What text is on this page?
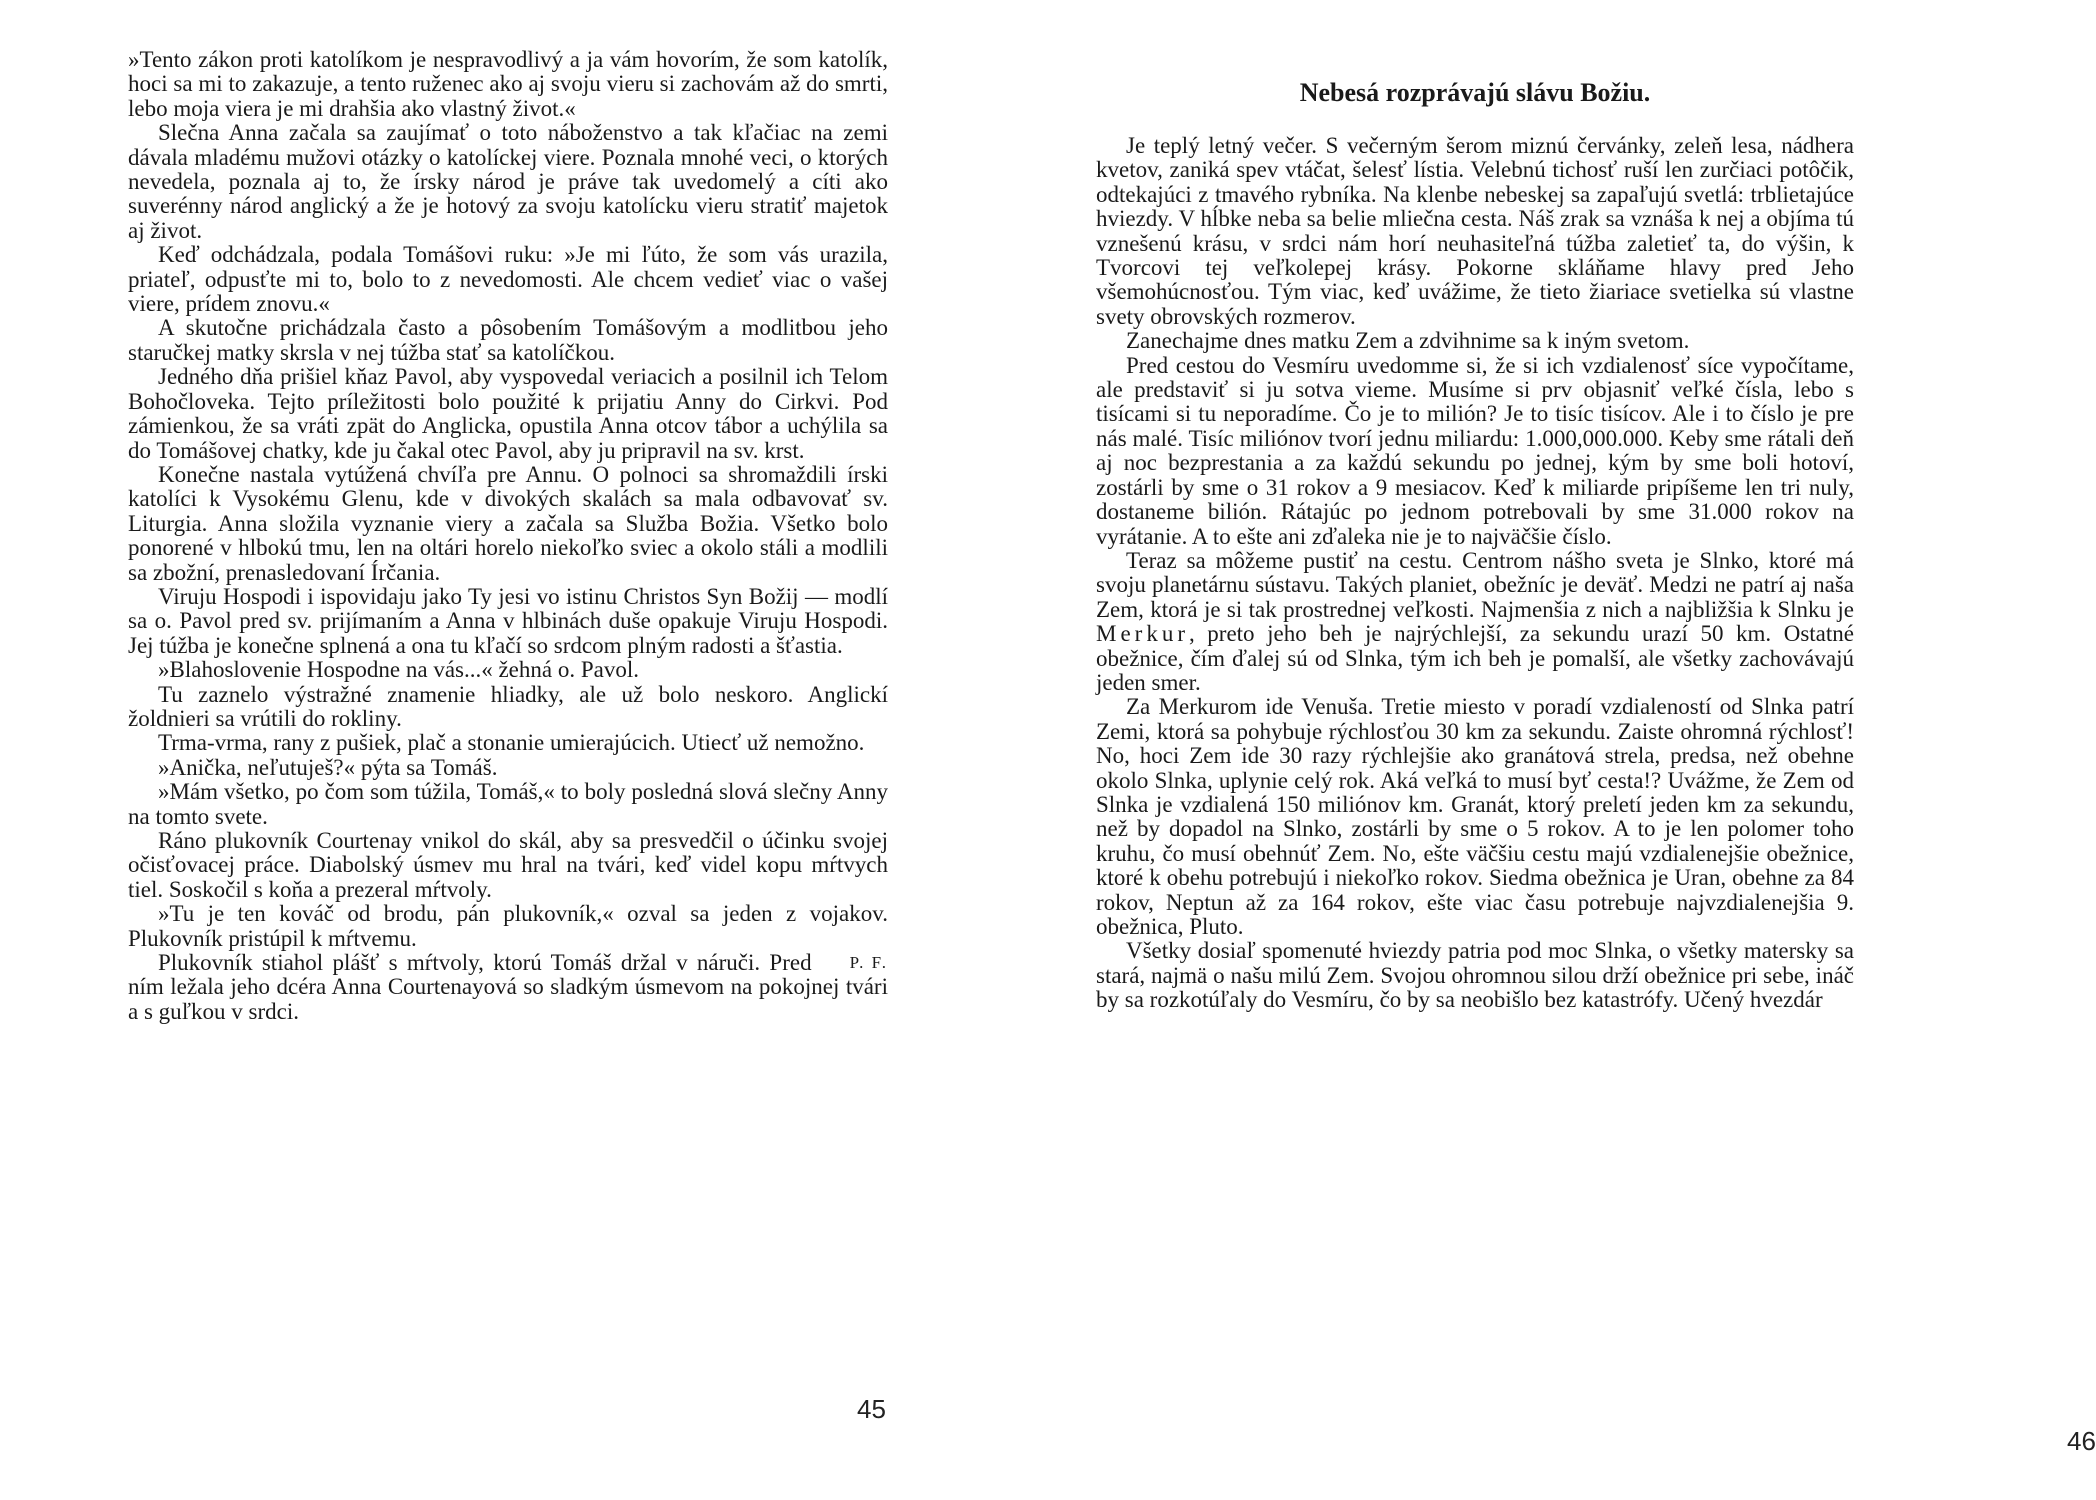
»Tento zákon proti katolíkom je nespravodlivý a ja vám hovorím, že som katolík, hoci sa mi to zakazuje, a tento ruženec ako aj svoju vieru si zachovám až do smrti, lebo moja viera je mi drahšia ako vlastný život.«

Slečna Anna začala sa zaujímať o toto náboženstvo a tak kľačiac na zemi dávala mladému mužovi otázky o katolíckej viere. Poznala mnohé veci, o ktorých nevedela, poznala aj to, že írsky národ je práve tak uvedomelý a cíti ako suverénny národ anglický a že je hotový za svoju katolícku vieru stratiť majetok aj život.

Keď odchádzala, podala Tomášovi ruku: »Je mi ľúto, že som vás urazila, priateľ, odpusťte mi to, bolo to z nevedomosti. Ale chcem vedieť viac o vašej viere, prídem znovu.«

A skutočne prichádzala často a pôsobením Tomášovým a modlitbou jeho staručkej matky skrsla v nej túžba stať sa katolíčkou.

Jedného dňa prišiel kňaz Pavol, aby vyspovedal veriacich a posilnil ich Telom Bohočloveka. Tejto príležitosti bolo použité k prijatiu Anny do Cirkvi. Pod zámienkou, že sa vráti zpät do Anglicka, opustila Anna otcov tábor a uchýlila sa do Tomášovej chatky, kde ju čakal otec Pavol, aby ju pripravil na sv. krst.

Konečne nastala vytúžená chvíľa pre Annu. O polnoci sa shromaždili írski katolíci k Vysokému Glenu, kde v divokých skalách sa mala odbavovať sv. Liturgia. Anna složila vyznanie viery a začala sa Služba Božia. Všetko bolo ponorené v hlbokú tmu, len na oltári horelo niekoľko sviec a okolo stáli a modlili sa zbožní, prenasledovaní Írčania.

Viruju Hospodi i ispovidaju jako Ty jesi vo istinu Christos Syn Božij — modlí sa o. Pavol pred sv. prijímaním a Anna v hlbinách duše opakuje Viruju Hospodi. Jej túžba je konečne splnená a ona tu kľačí so srdcom plným radosti a šťastia.

»Blahoslovenie Hospodne na vás...« žehná o. Pavol.

Tu zaznelo výstražné znamenie hliadky, ale už bolo neskoro. Anglickí žoldnieri sa vrútili do rokliny.

Trma-vrma, rany z pušiek, plač a stonanie umierajúcich. Utiecť už nemožno.

»Anička, neľutuješ?« pýta sa Tomáš.

»Mám všetko, po čom som túžila, Tomáš,« to boly posledná slová slečny Anny na tomto svete.

Ráno plukovník Courtenay vnikol do skál, aby sa presvedčil o účinku svojej očisťovacej práce. Diabolský úsmev mu hral na tvári, keď videl kopu mŕtvych tiel. Soskočil s koňa a prezeral mŕtvoly.

»Tu je ten kováč od brodu, pán plukovník,« ozval sa jeden z vojakov. Plukovník pristúpil k mŕtvemu.

P. F.
Plukovník stiahol plášť s mŕtvoly, ktorú Tomáš držal v náruči. Pred ním ležala jeho dcéra Anna Courtenayová so sladkým úsmevom na pokojnej tvári a s guľkou v srdci.

45
Nebesá rozprávajú slávu Božiu.

Je teplý letný večer. S večerným šerom miznú červánky, zeleň lesa, nádhera kvetov, zaniká spev vtáčat, šelesť lístia. Velebnú tichosť ruší len zurčiaci potôčik, odtekajúci z tmavého rybníka. Na klenbe nebeskej sa zapaľujú svetlá: trblietajúce hviezdy. V hĺbke neba sa belie mliečna cesta. Náš zrak sa vznáša k nej a objíma tú vznešenú krásu, v srdci nám horí neuhasiteľná túžba zaletieť ta, do výšin, k Tvorcovi tej veľkolepej krásy. Pokorne skláňame hlavy pred Jeho všemohúcnosťou. Tým viac, keď uvážime, že tieto žiariace svetielka sú vlastne svety obrovských rozmerov.

Zanechajme dnes matku Zem a zdvihnime sa k iným svetom.

Pred cestou do Vesmíru uvedomme si, že si ich vzdialenosť síce vypočítame, ale predstaviť si ju sotva vieme. Musíme si prv objasniť veľké čísla, lebo s tisícami si tu neporadíme. Čo je to milión? Je to tisíc tisícov. Ale i to číslo je pre nás malé. Tisíc miliónov tvorí jednu miliardu: 1.000,000.000. Keby sme rátali deň aj noc bezprestania a za každú sekundu po jednej, kým by sme boli hotoví, zostárli by sme o 31 rokov a 9 mesiacov. Keď k miliarde pripíšeme len tri nuly, dostaneme bilión. Rátajúc po jednom potrebovali by sme 31.000 rokov na vyrátanie. A to ešte ani zďaleka nie je to najväčšie číslo.

Teraz sa môžeme pustiť na cestu. Centrom nášho sveta je Slnko, ktoré má svoju planetárnu sústavu. Takých planiet, obežníc je deväť. Medzi ne patrí aj naša Zem, ktorá je si tak prostrednej veľkosti. Najmenšia z nich a najbližšia k Slnku je Merkur, preto jeho beh je najrýchlejší, za sekundu urazí 50 km. Ostatné obežnice, čím ďalej sú od Slnka, tým ich beh je pomalší, ale všetky zachovávajú jeden smer.

Za Merkurom ide Venuša. Tretie miesto v poradí vzdialeností od Slnka patrí Zemi, ktorá sa pohybuje rýchlosťou 30 km za sekundu. Zaiste ohromná rýchlosť! No, hoci Zem ide 30 razy rýchlejšie ako granátová strela, predsa, než obehne okolo Slnka, uplynie celý rok. Aká veľká to musí byť cesta!? Uvážme, že Zem od Slnka je vzdialená 150 miliónov km. Granát, ktorý preletí jeden km za sekundu, než by dopadol na Slnko, zostárli by sme o 5 rokov. A to je len polomer toho kruhu, čo musí obehnúť Zem. No, ešte väčšiu cestu majú vzdialenejšie obežnice, ktoré k obehu potrebujú i niekoľko rokov. Siedma obežnica je Uran, obehne za 84 rokov, Neptun až za 164 rokov, ešte viac času potrebuje najvzdialenejšia 9. obežnica, Pluto.

Všetky dosiaľ spomenuté hviezdy patria pod moc Slnka, o všetky matersky sa stará, najmä o našu milú Zem. Svojou ohromnou silou drží obežnice pri sebe, ináč by sa rozkotúľaly do Vesmíru, čo by sa neobišlo bez katastrófy. Učený hvezdár

46
